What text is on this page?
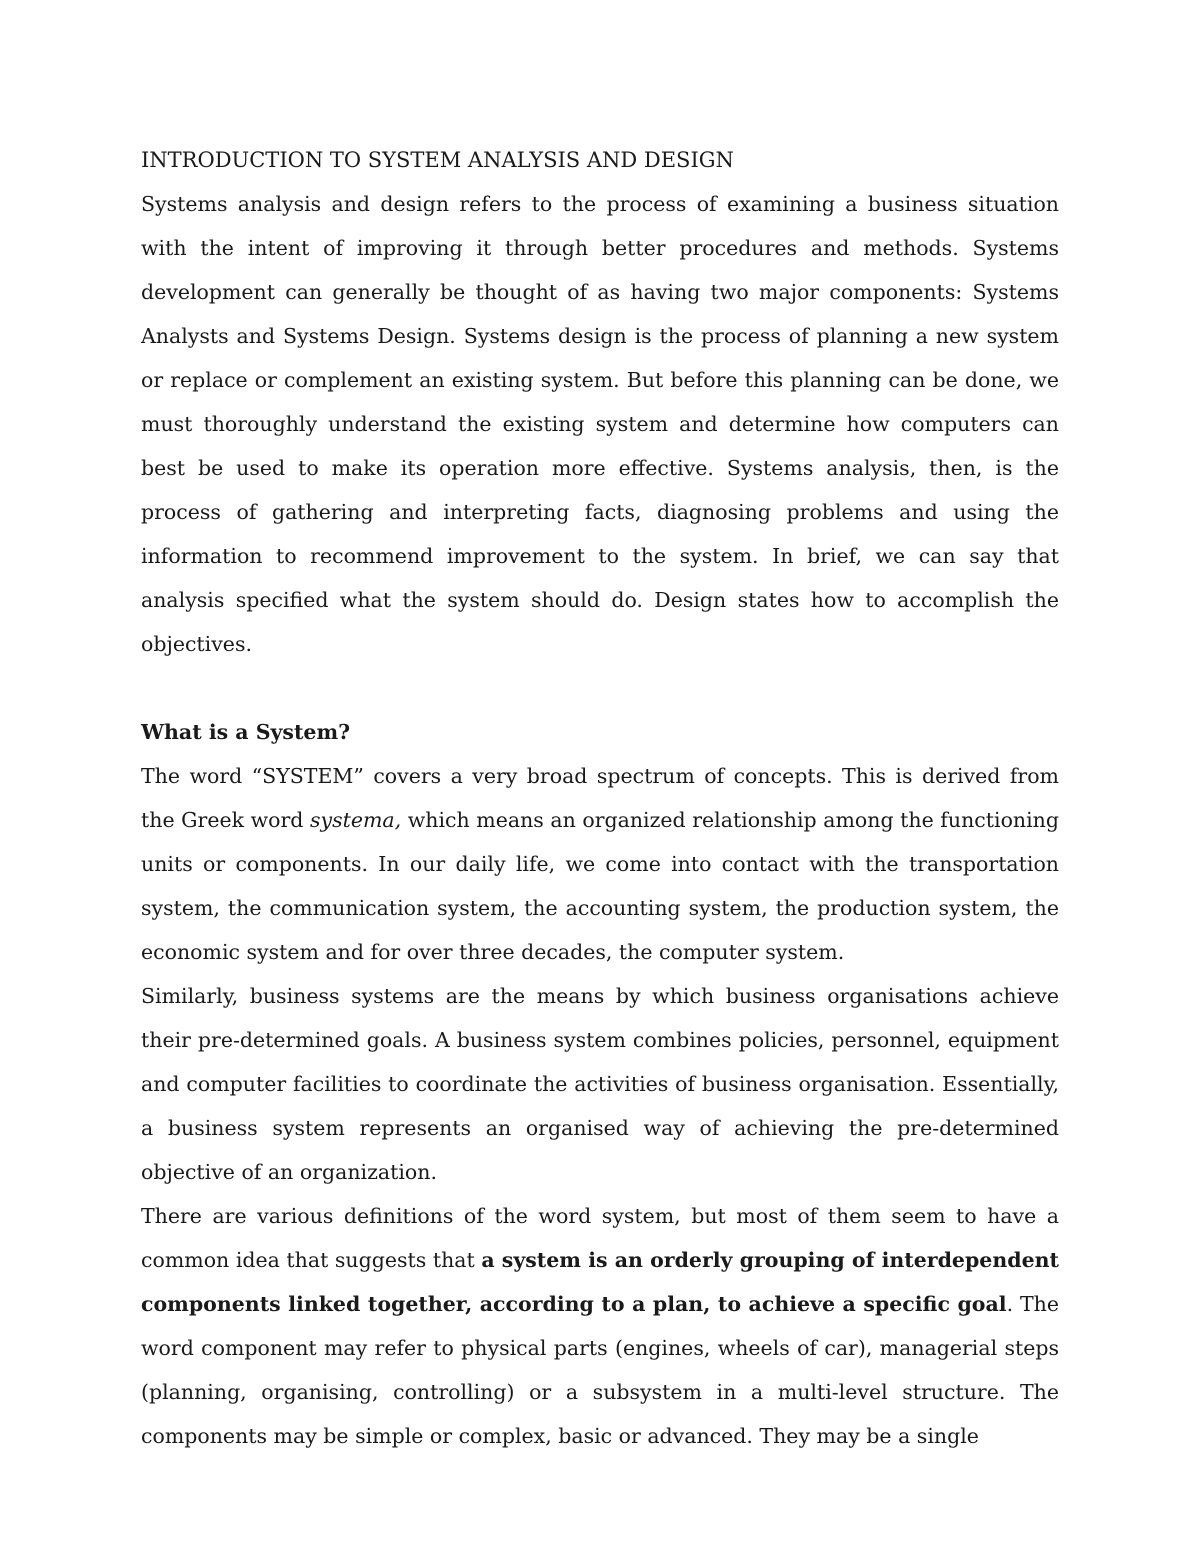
INTRODUCTION TO SYSTEM ANALYSIS AND DESIGN

Systems analysis and design refers to the process of examining a business situation with the intent of improving it through better procedures and methods. Systems development can generally be thought of as having two major components: Systems Analysts and Systems Design. Systems design is the process of planning a new system or replace or complement an existing system. But before this planning can be done, we must thoroughly understand the existing system and determine how computers can best be used to make its operation more effective. Systems analysis, then, is the process of gathering and interpreting facts, diagnosing problems and using the information to recommend improvement to the system. In brief, we can say that analysis specified what the system should do. Design states how to accomplish the objectives.

What is a System?

The word “SYSTEM” covers a very broad spectrum of concepts. This is derived from the Greek word systema, which means an organized relationship among the functioning units or components. In our daily life, we come into contact with the transportation system, the communication system, the accounting system, the production system, the economic system and for over three decades, the computer system.

Similarly, business systems are the means by which business organisations achieve their pre-determined goals. A business system combines policies, personnel, equipment and computer facilities to coordinate the activities of business organisation. Essentially, a business system represents an organised way of achieving the pre-determined objective of an organization.

There are various definitions of the word system, but most of them seem to have a common idea that suggests that a system is an orderly grouping of interdependent components linked together, according to a plan, to achieve a specific goal. The word component may refer to physical parts (engines, wheels of car), managerial steps (planning, organising, controlling) or a subsystem in a multi-level structure. The components may be simple or complex, basic or advanced. They may be a single
